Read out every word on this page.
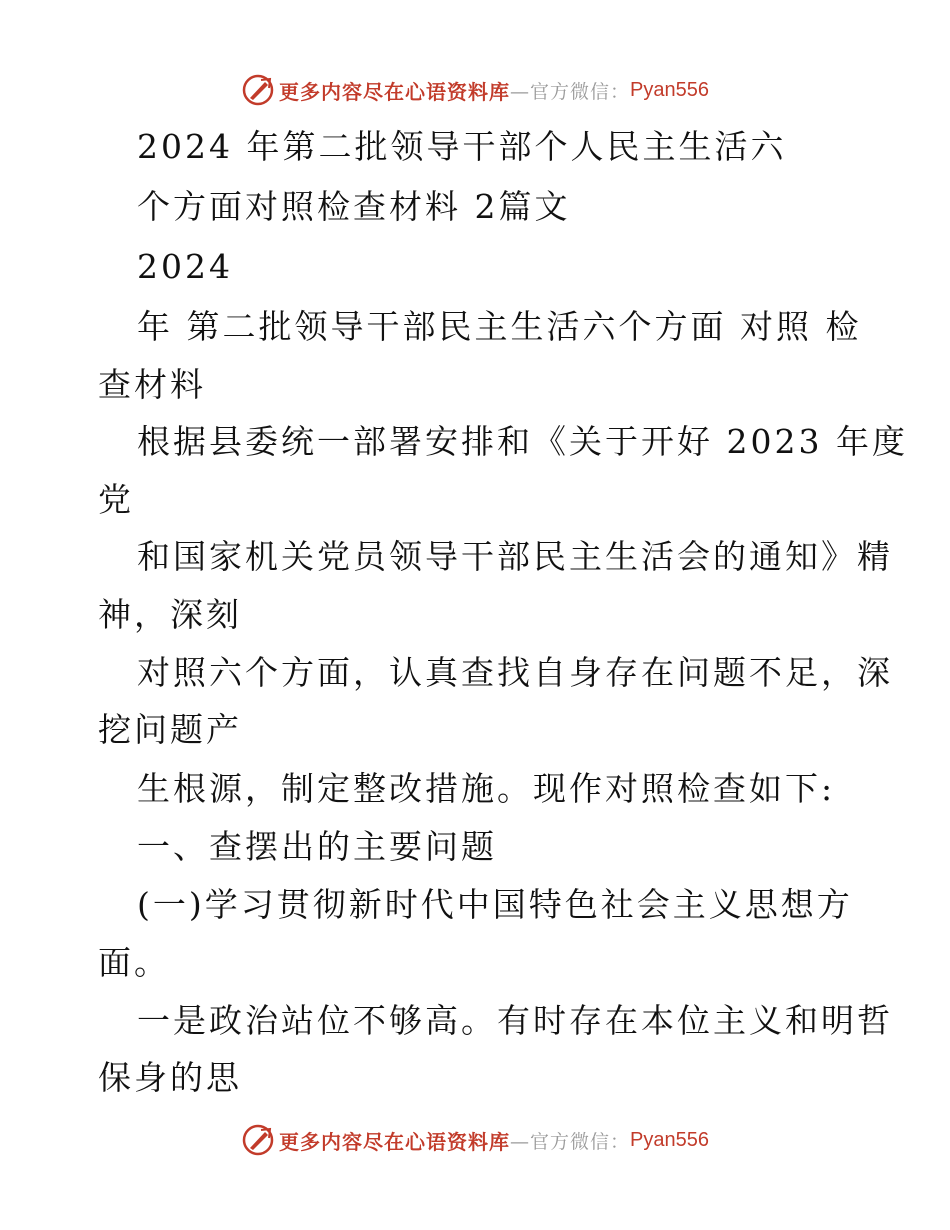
更多内容尽在心语资料库 —官方微信： Pyan556
2024 年第二批领导干部个人民主生活六
个方面对照检查材料 2篇文
2024
年 第二批领导干部民主生活六个方面 对照 检
查材料
根据县委统一部署安排和《关于开好 2023 年度
党
和国家机关党员领导干部民主生活会的通知》精
神，深刻
对照六个方面，认真查找自身存在问题不足，深
挖问题产
生根源，制定整改措施。现作对照检查如下:
一、查摆出的主要问题
(一)学习贯彻新时代中国特色社会主义思想方
面。
一是政治站位不够高。有时存在本位主义和明哲
保身的思
更多内容尽在心语资料库 —官方微信： Pyan556
